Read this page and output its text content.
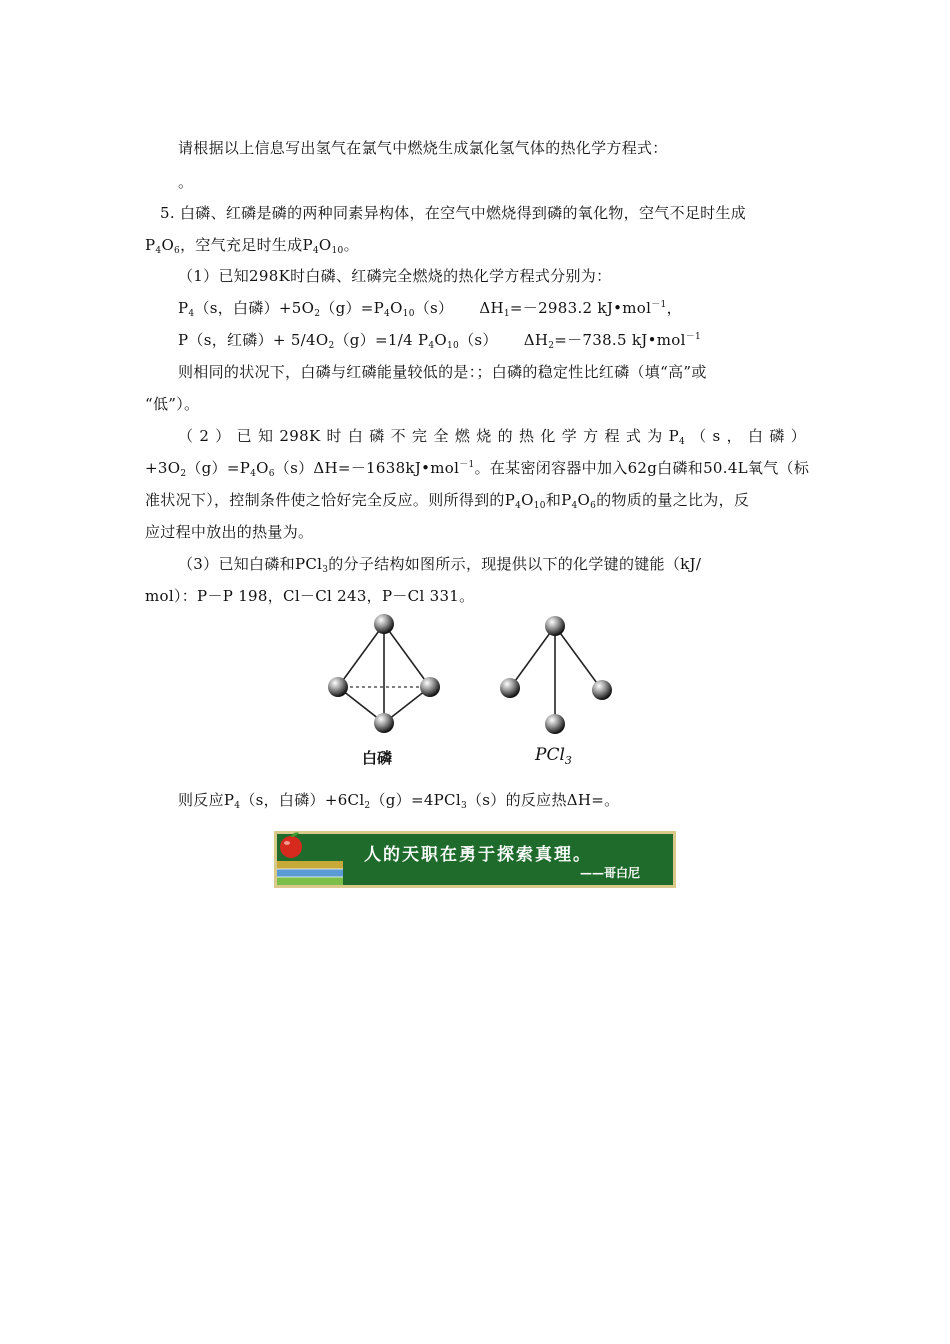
请根据以上信息写出氢气在氯气中燃烧生成氯化氢气体的热化学方程式：
。
5. 白磷、红磷是磷的两种同素异构体，在空气中燃烧得到磷的氧化物，空气不足时生成
$P_4O_6$，空气充足时生成$P_4O_{10}$。
（1）已知298K时白磷、红磷完全燃烧的热化学方程式分别为：
$P_4(s$，白磷）$+5O_2(g)=P_4O_{10}(s)$ $\Delta H_1=-2983.2$ kJ•mol$^{-1}$，
P（s，红磷）+ $5/4O_2(g)=1/4$ $P_4O_{10}(s)$ $\Delta H_2=-738.5$ kJ•mol$^{-1}$
则相同的状况下，白磷与红磷能量较低的是：；白磷的稳定性比红磷（填“高”或
“低”）。
（2）已知298K时白磷不完全燃烧的热化学方程式为$P_4(s$，白磷）
$+3O_2(g)=P_4O_6(s)\Delta H=-1638kJ•mol^{-1}$。在某密闭容器中加入62g白磷和50.4L氧气（标
准状况下），控制条件使之恰好完全反应。则所得到的$P_4O_{10}$和$P_4O_6$的物质的量之比为，反
应过程中放出的热量为。
（3）已知白磷和PCl$_3$的分子结构如图所示，现提供以下的化学键的键能（kJ/
mol）：P－P 198，Cl－Cl 243，P－Cl 331。
白磷	PCl$_3$
则反应$P_4(s$，白磷）$+6Cl_2(g)=4PCl_3(s)$的反应热ΔH=。
人的天职在勇于探索真理。
——哥白尼
